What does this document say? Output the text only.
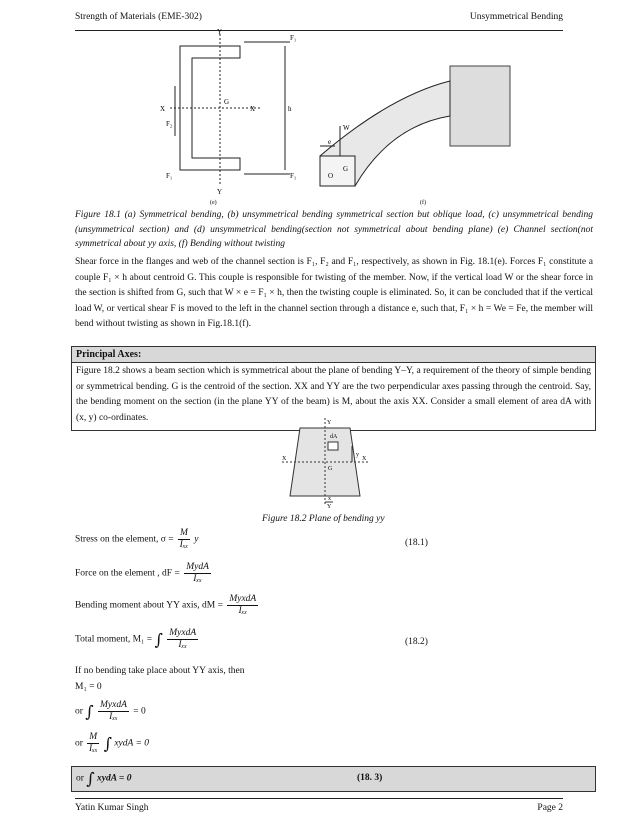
Strength of Materials (EME-302)	Unsymmetrical Bending
Y
F₁
X
G
X	h
F₂
F₁	F₁
Y
(e)
W
e
G
O
(f)
Figure 18.1 (a) Symmetrical bending, (b) unsymmetrical bending symmetrical section but oblique load, (c) unsymmetrical bending (unsymmetrical section) and (d) unsymmetrical bending(section not symmetrical about bending plane) (e) Channel section(not symmetrical about yy axis, (f) Bending without twisting
Shear force in the flanges and web of the channel section is F₁, F₂ and F₁, respectively, as shown in Fig. 18.1(e). Forces F₁ constitute a couple F₁ × h about centroid G. This couple is responsible for twisting of the member. Now, if the vertical load W or the shear force in the section is shifted from G, such that W × e = F₁ × h, then the twisting couple is eliminated. So, it can be concluded that if the vertical load W, or vertical shear F is moved to the left in the channel section through a distance e, such that, F₁ × h = We = Fe, the member will bend without twisting as shown in Fig.18.1(f).
Principal Axes:
Figure 18.2 shows a beam section which is symmetrical about the plane of bending Y–Y, a requirement of the theory of simple bending or symmetrical bending. G is the centroid of the section. XX and YY are the two perpendicular axes passing through the centroid. Say, the bending moment on the section (in the plane YY of the beam) is M, about the axis XX. Consider a small element of area dA with (x, y) co-ordinates.
Y
dA
G
X	X
y
x
Y
Figure 18.2 Plane of bending yy
Stress on the element, $\sigma = \frac{M}{\text{Iₓₓ}}$ y	(18.1)
Force on the element , dF = $\frac{\text{MydA}}{\text{Iₓₓ}}$
Bending moment about YY axis, dM = $\frac{\text{MyxdA}}{\text{Iₓₓ}}$
Total moment, M₁ = ∫ $\frac{\text{MyxdA}}{\text{Iₓₓ}}$	(18.2)
If no bending take place about YY axis, then
M₁ = 0
or ∫ $\frac{\text{MyxdA}}{\text{Iₓₓ}} = 0$
or $\frac{M}{\text{Iₓₓ}}$ ∫ xydA = 0
or ∫ xydA = 0	(18. 3)
Yatin Kumar Singh	Page 2
